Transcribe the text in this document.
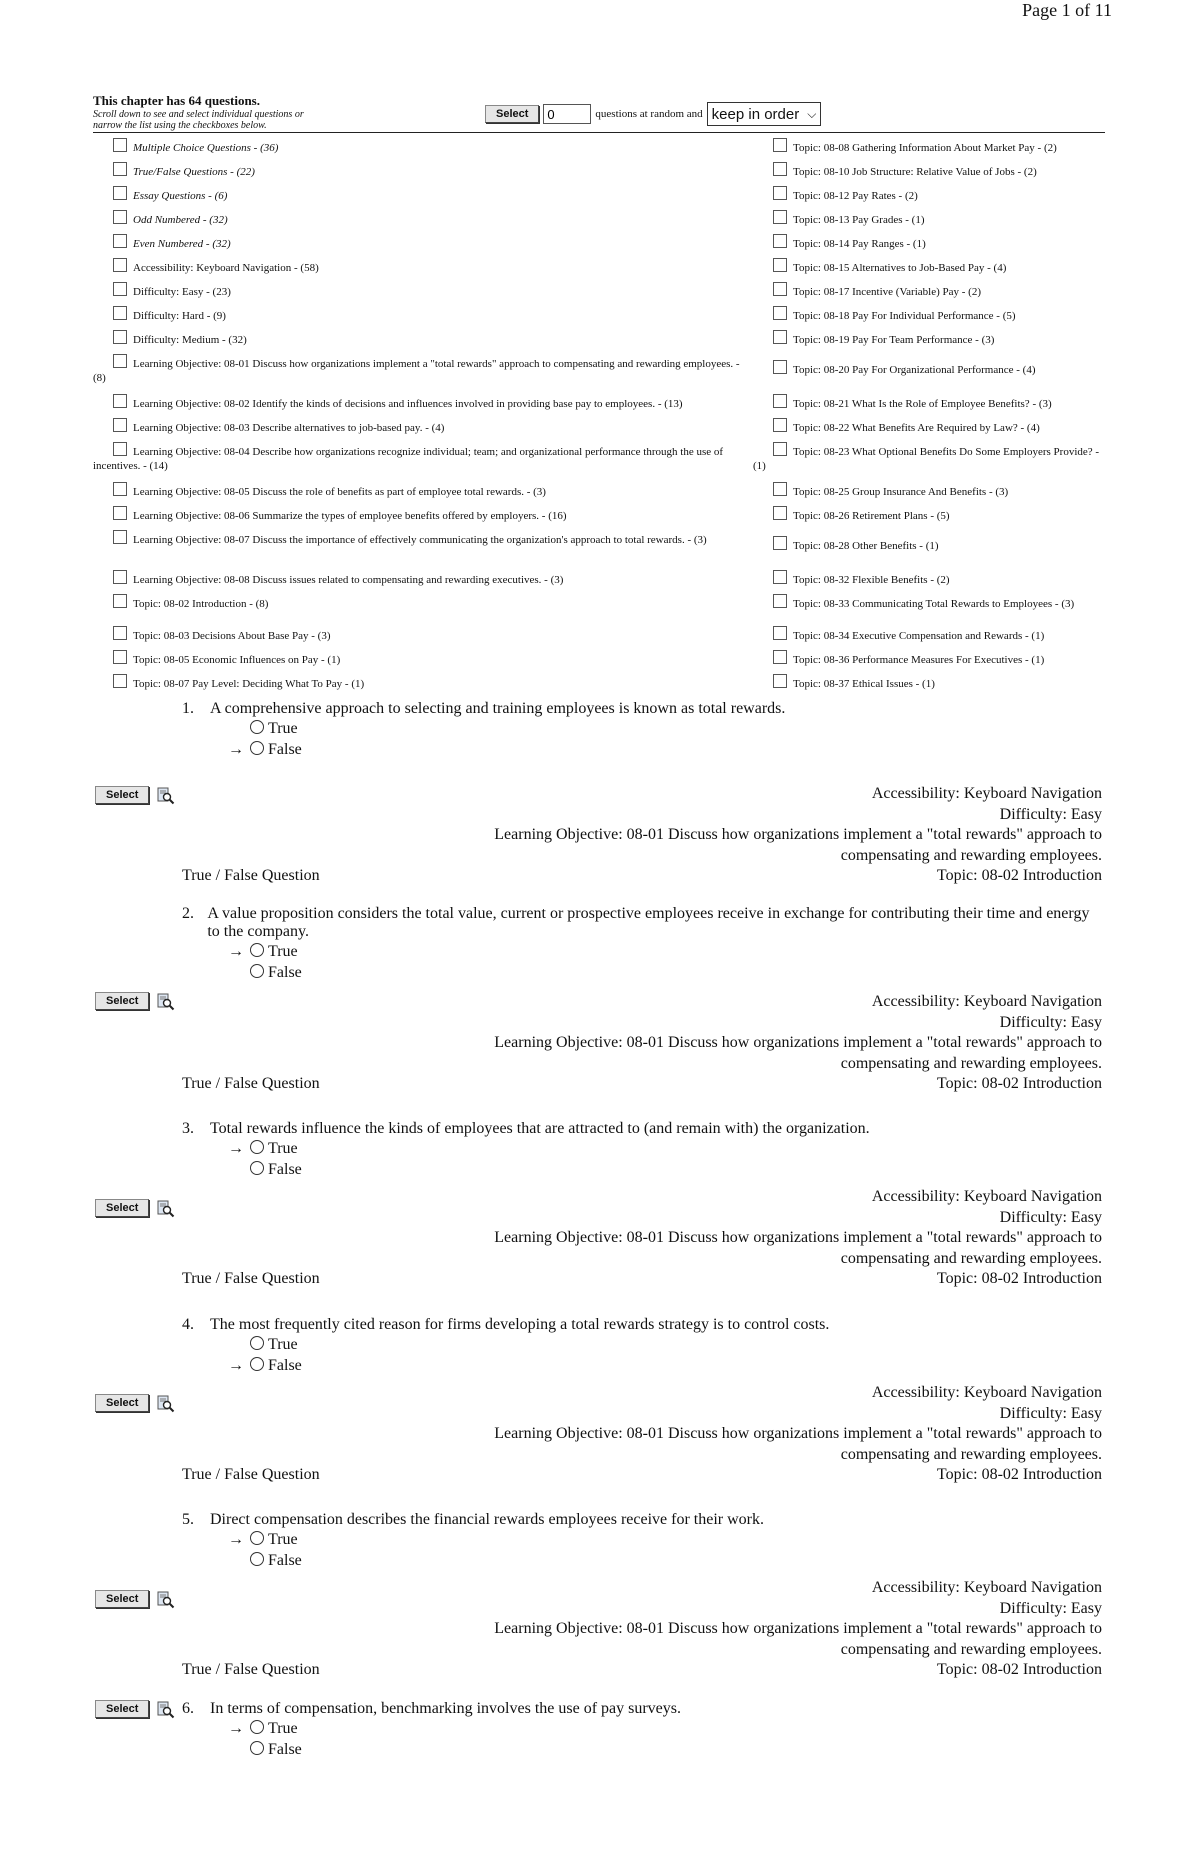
Page 1 of 11
This chapter has 64 questions.
Scroll down to see and select individual questions or narrow the list using the checkboxes below.
Select
0	questions at random
and keep in order ⌵
Multiple Choice Questions - (36)
True/False Questions - (22)
Essay Questions - (6)
Odd Numbered - (32)
Even Numbered - (32)
Accessibility: Keyboard Navigation - (58)
Difficulty: Easy - (23)
Difficulty: Hard - (9)
Difficulty: Medium - (32)
Learning Objective: 08-01 Discuss how organizations implement a "total rewards" approach to compensating and rewarding employees. - (8)
Learning Objective: 08-02 Identify the kinds of decisions and influences involved in providing base pay to employees. - (13)
Learning Objective: 08-03 Describe alternatives to job-based pay. - (4)
Learning Objective: 08-04 Describe how organizations recognize individual; team; and organizational performance through the use of incentives. - (14)
Learning Objective: 08-05 Discuss the role of benefits as part of employee total rewards. - (3)
Learning Objective: 08-06 Summarize the types of employee benefits offered by employers. - (16)
Learning Objective: 08-07 Discuss the importance of effectively communicating the organization's approach to total rewards. - (3)
Learning Objective: 08-08 Discuss issues related to compensating and rewarding executives. - (3)
Topic: 08-02 Introduction - (8)
Topic: 08-03 Decisions About Base Pay - (3)
Topic: 08-05 Economic Influences on Pay - (1)
Topic: 08-07 Pay Level: Deciding What To Pay - (1)
Topic: 08-08 Gathering Information About Market Pay - (2)
Topic: 08-10 Job Structure: Relative Value of Jobs - (2)
Topic: 08-12 Pay Rates - (2)
Topic: 08-13 Pay Grades - (1)
Topic: 08-14 Pay Ranges - (1)
Topic: 08-15 Alternatives to Job-Based Pay - (4)
Topic: 08-17 Incentive (Variable) Pay - (2)
Topic: 08-18 Pay For Individual Performance - (5)
Topic: 08-19 Pay For Team Performance - (3)
Topic: 08-20 Pay For Organizational Performance - (4)
Topic: 08-21 What Is the Role of Employee Benefits? - (3)
Topic: 08-22 What Benefits Are Required by Law? - (4)
Topic: 08-23 What Optional Benefits Do Some Employers Provide? - (1)
Topic: 08-25 Group Insurance And Benefits - (3)
Topic: 08-26 Retirement Plans - (5)
Topic: 08-28 Other Benefits - (1)
Topic: 08-32 Flexible Benefits - (2)
Topic: 08-33 Communicating Total Rewards to Employees - (3)
Topic: 08-34 Executive Compensation and Rewards - (1)
Topic: 08-36 Performance Measures For Executives - (1)
Topic: 08-37 Ethical Issues - (1)
1.	A comprehensive approach to selecting and training employees is known as total rewards.
True
→ False
2. A value proposition considers the total value, current or prospective employees receive in exchange for contributing their time and energy to the company.
→ True
False
3.	Total rewards influence the kinds of employees that are attracted to (and remain with) the organization.
→ True
False
4.	The most frequently cited reason for firms developing a total rewards strategy is to control costs.
True
→ False
5.	Direct compensation describes the financial rewards employees receive for their work.
→ True
False
6.	In terms of compensation, benchmarking involves the use of pay surveys.
→ True
False
Select	Accessibility: Keyboard Navigation
Difficulty: Easy
Learning Objective: 08-01 Discuss how organizations implement a "total rewards" approach to
compensating and rewarding employees.
Topic: 08-02 Introduction
True / False Question
Select	Accessibility: Keyboard Navigation
Difficulty: Easy
Learning Objective: 08-01 Discuss how organizations implement a "total rewards" approach to
compensating and rewarding employees.
Topic: 08-02 Introduction
True / False Question
Select
Accessibility: Keyboard Navigation
Difficulty: Easy
Learning Objective: 08-01 Discuss how organizations implement a "total rewards" approach to
compensating and rewarding employees.
Topic: 08-02 Introduction
True / False Question
Select
Accessibility: Keyboard Navigation
Difficulty: Easy
Learning Objective: 08-01 Discuss how organizations implement a "total rewards" approach to
compensating and rewarding employees.
Topic: 08-02 Introduction
True / False Question
Select
Accessibility: Keyboard Navigation
Difficulty: Easy
Learning Objective: 08-01 Discuss how organizations implement a "total rewards" approach to
compensating and rewarding employees.
Topic: 08-02 Introduction
True / False Question
Select
